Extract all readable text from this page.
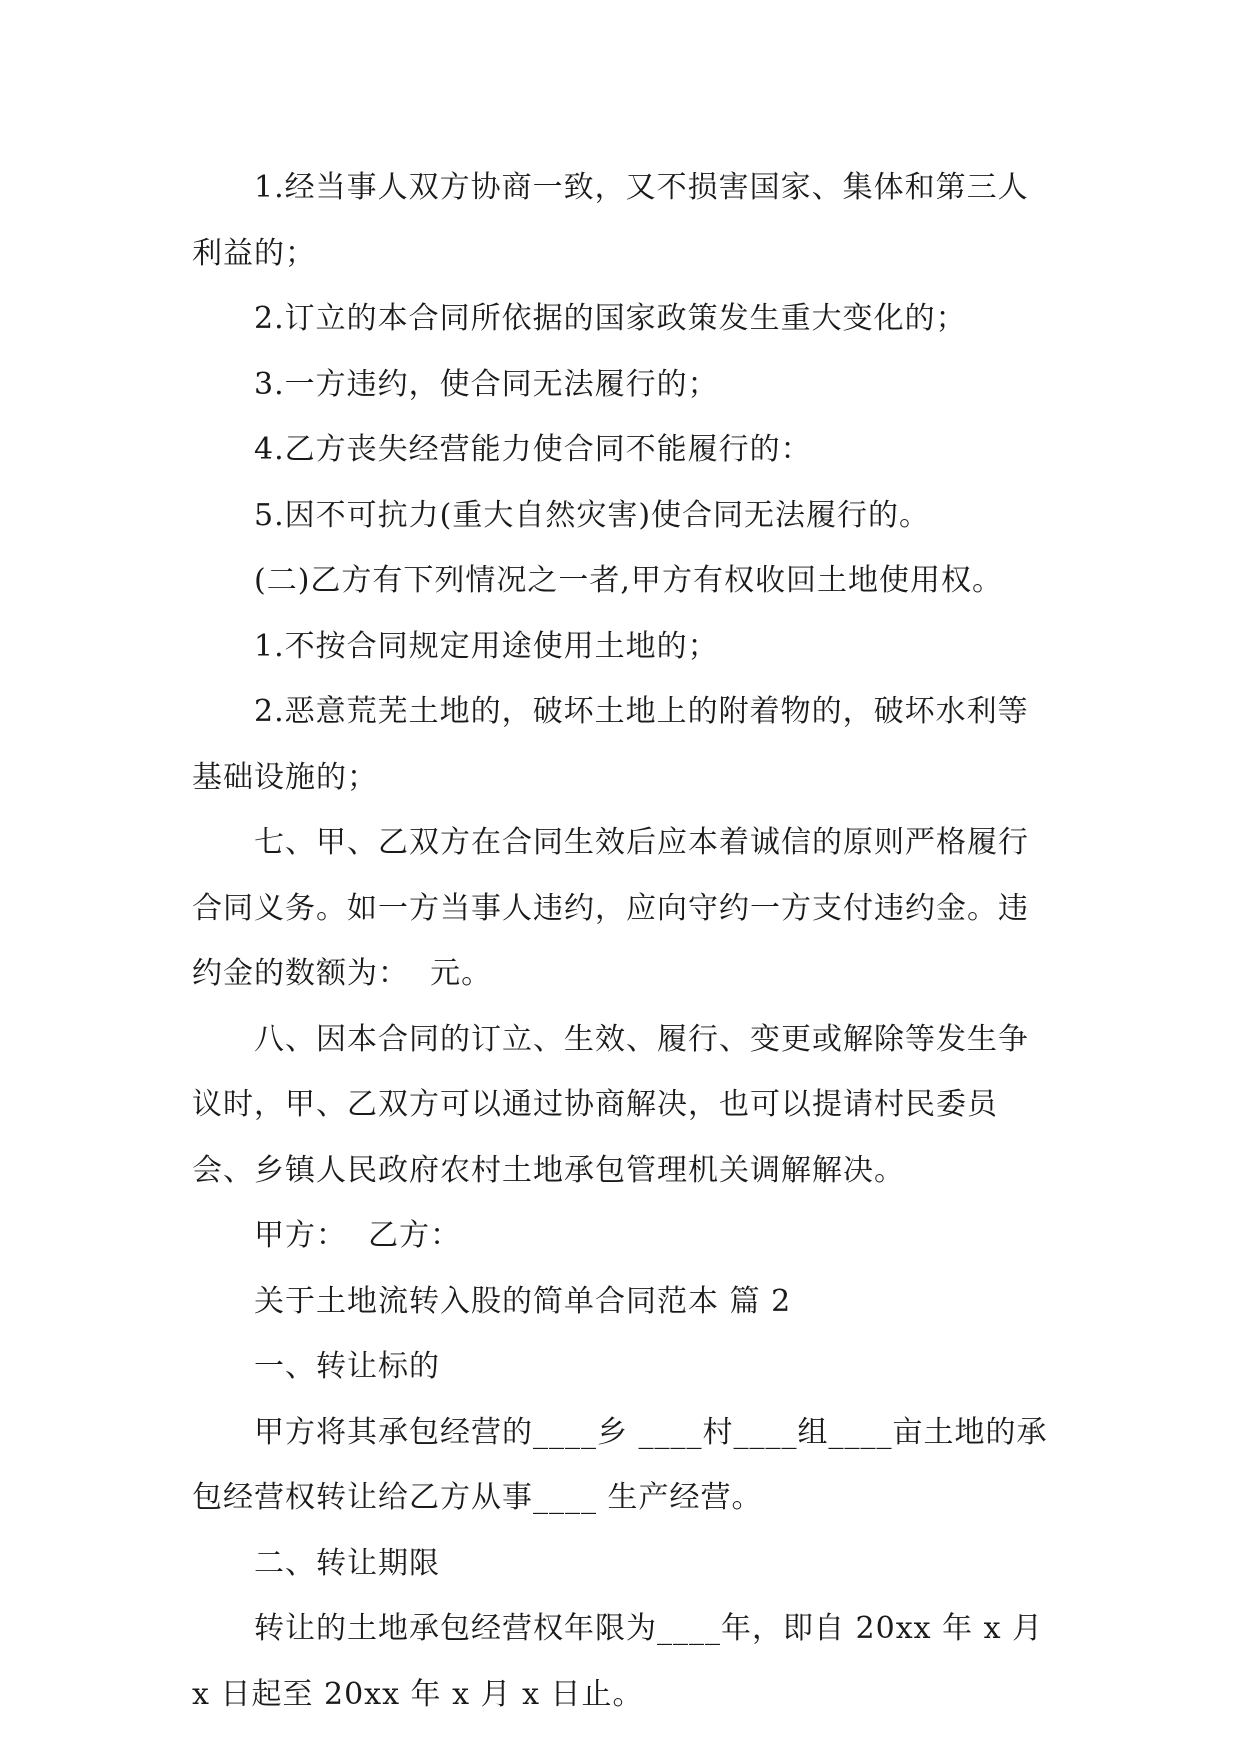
1.经当事人双方协商一致，又不损害国家、集体和第三人利益的；

2.订立的本合同所依据的国家政策发生重大变化的；

3.一方违约，使合同无法履行的；

4.乙方丧失经营能力使合同不能履行的：

5.因不可抗力(重大自然灾害)使合同无法履行的。

(二)乙方有下列情况之一者,甲方有权收回土地使用权。

1.不按合同规定用途使用土地的；

2.恶意荒芜土地的，破坏土地上的附着物的，破坏水利等基础设施的；

七、甲、乙双方在合同生效后应本着诚信的原则严格履行合同义务。如一方当事人违约，应向守约一方支付违约金。违约金的数额为：  元。

八、因本合同的订立、生效、履行、变更或解除等发生争议时，甲、乙双方可以通过协商解决，也可以提请村民委员会、乡镇人民政府农村土地承包管理机关调解解决。

甲方：  乙方：

关于土地流转入股的简单合同范本 篇 2

一、转让标的

甲方将其承包经营的____乡 ____村____组____亩土地的承包经营权转让给乙方从事____ 生产经营。

二、转让期限

转让的土地承包经营权年限为____年，即自 20xx 年 x 月 x 日起至 20xx 年 x 月 x 日止。
